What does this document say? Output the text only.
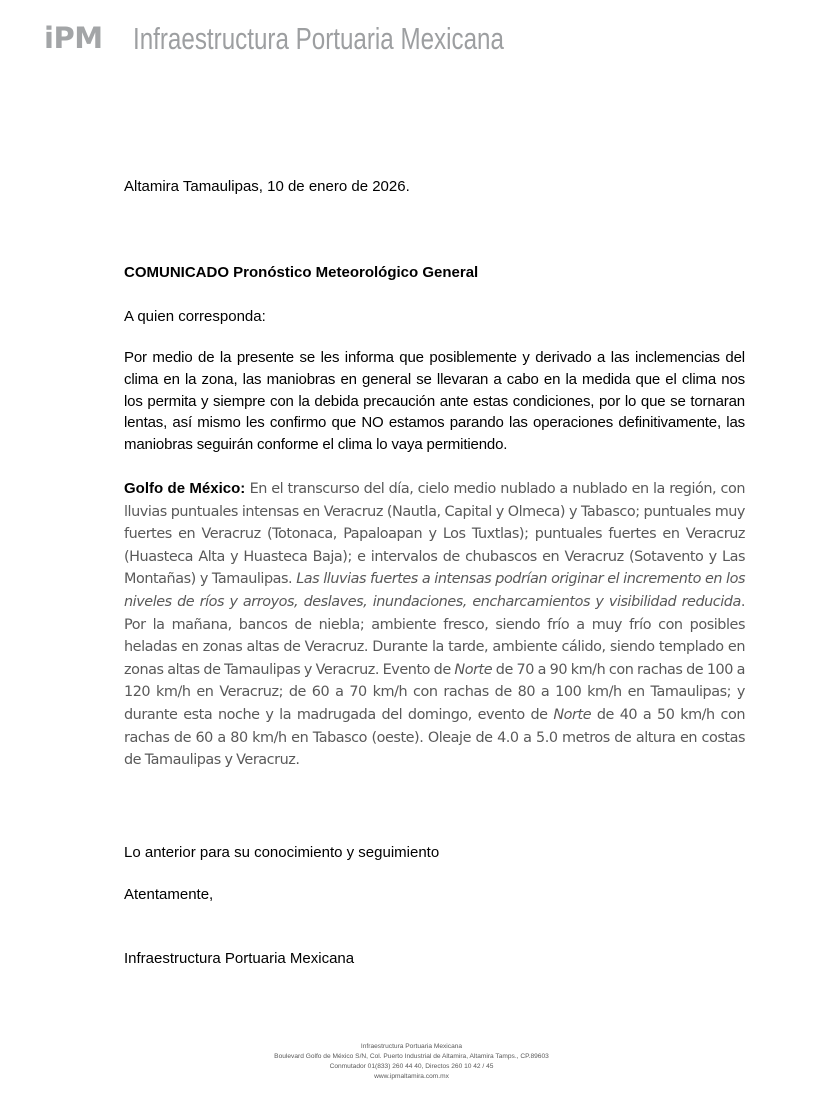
iPM Infraestructura Portuaria Mexicana
Altamira Tamaulipas, 10 de enero de 2026.
COMUNICADO Pronóstico Meteorológico General
A quien corresponda:
Por medio de la presente se les informa que posiblemente y derivado a las inclemencias del clima en la zona, las maniobras en general se llevaran a cabo en la medida que el clima nos los permita y siempre con la debida precaución ante estas condiciones, por lo que se tornaran lentas, así mismo les confirmo que NO estamos parando las operaciones definitivamente, las maniobras seguirán conforme el clima lo vaya permitiendo.
Golfo de México: En el transcurso del día, cielo medio nublado a nublado en la región, con lluvias puntuales intensas en Veracruz (Nautla, Capital y Olmeca) y Tabasco; puntuales muy fuertes en Veracruz (Totonaca, Papaloapan y Los Tuxtlas); puntuales fuertes en Veracruz (Huasteca Alta y Huasteca Baja); e intervalos de chubascos en Veracruz (Sotavento y Las Montañas) y Tamaulipas. Las lluvias fuertes a intensas podrían originar el incremento en los niveles de ríos y arroyos, deslaves, inundaciones, encharcamientos y visibilidad reducida. Por la mañana, bancos de niebla; ambiente fresco, siendo frío a muy frío con posibles heladas en zonas altas de Veracruz. Durante la tarde, ambiente cálido, siendo templado en zonas altas de Tamaulipas y Veracruz. Evento de Norte de 70 a 90 km/h con rachas de 100 a 120 km/h en Veracruz; de 60 a 70 km/h con rachas de 80 a 100 km/h en Tamaulipas; y durante esta noche y la madrugada del domingo, evento de Norte de 40 a 50 km/h con rachas de 60 a 80 km/h en Tabasco (oeste). Oleaje de 4.0 a 5.0 metros de altura en costas de Tamaulipas y Veracruz.
Lo anterior para su conocimiento y seguimiento
Atentamente,
Infraestructura Portuaria Mexicana
Infraestructura Portuaria Mexicana
Boulevard Golfo de México S/N, Col. Puerto Industrial de Altamira, Altamira Tamps., CP.89603
Conmutador 01(833) 260 44 40, Directos 260 10 42 / 45
www.ipmaltamira.com.mx
